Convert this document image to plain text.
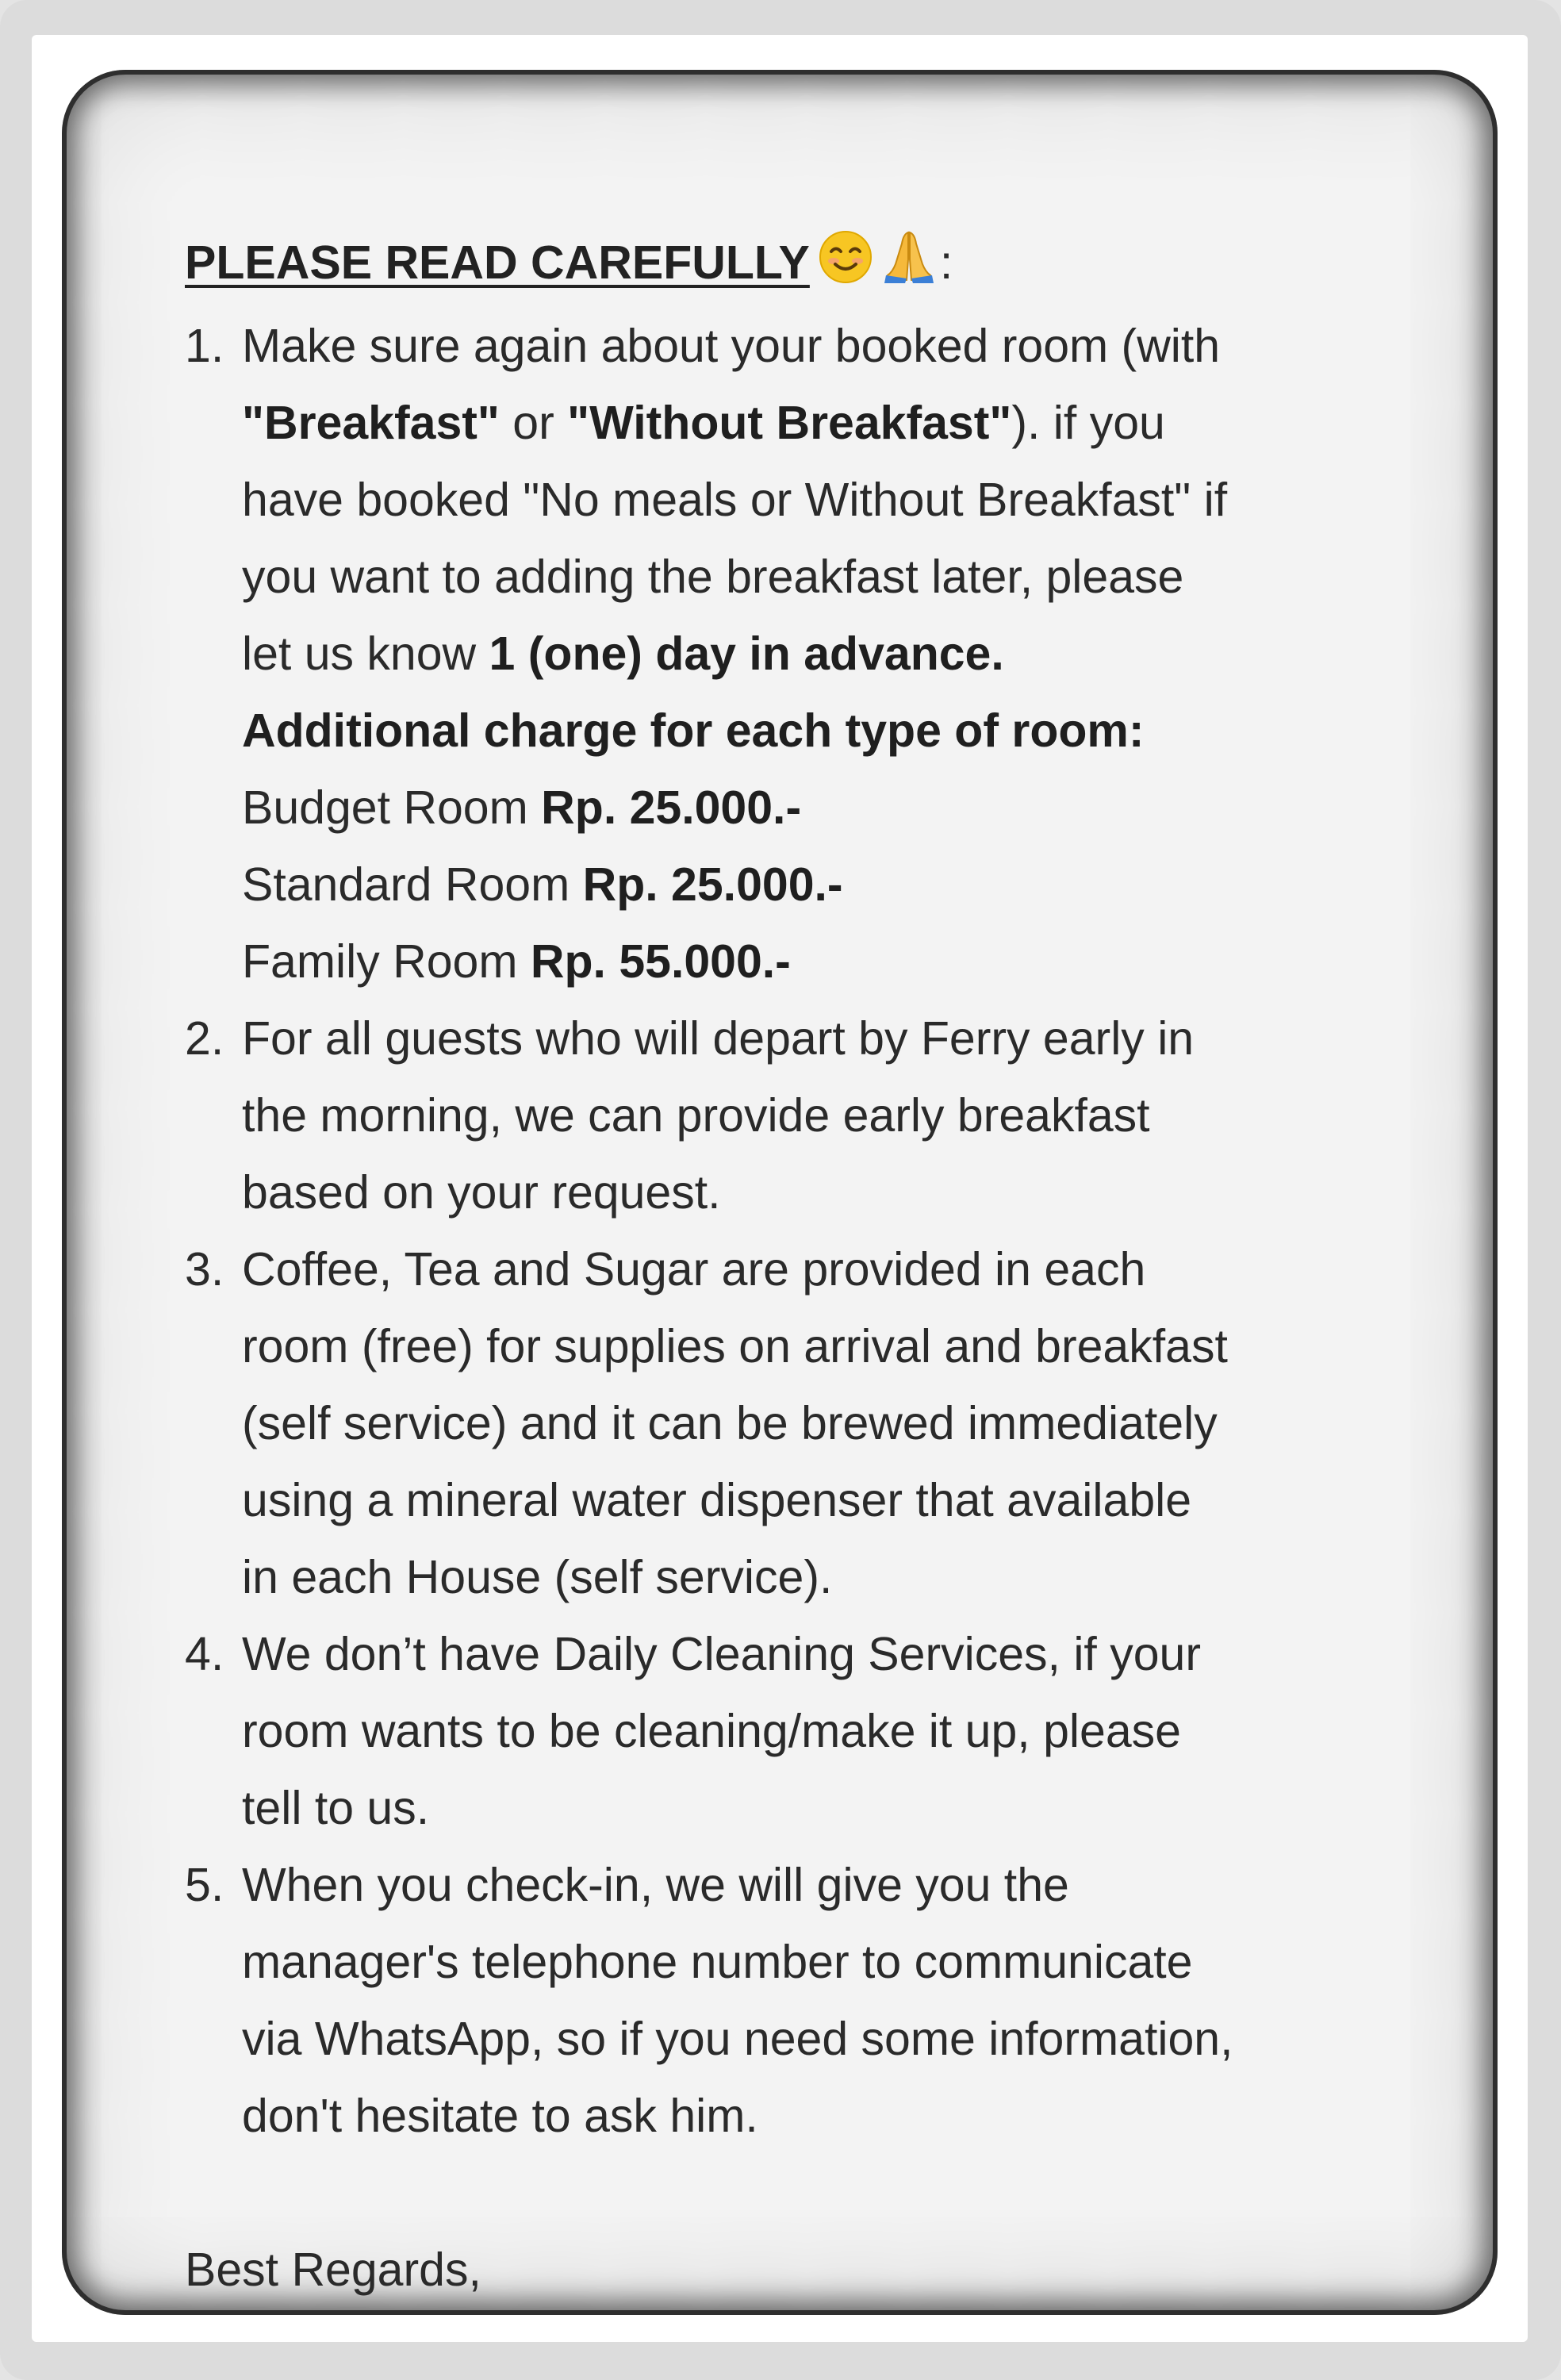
PLEASE READ CAREFULLY	:

1. Make sure again about your booked room (with
"Breakfast" or "Without Breakfast"). if you
have booked "No meals or Without Breakfast" if
you want to adding the breakfast later, please
let us know 1 (one) day in advance.
Additional charge for each type of room:
Budget Room Rp. 25.000.-
Standard Room Rp. 25.000.-
Family Room Rp. 55.000.-
2. For all guests who will depart by Ferry early in
the morning, we can provide early breakfast
based on your request.
3. Coffee, Tea and Sugar are provided in each
room (free) for supplies on arrival and breakfast
(self service) and it can be brewed immediately
using a mineral water dispenser that available
in each House (self service).
4. We don’t have Daily Cleaning Services, if your
room wants to be cleaning/make it up, please
tell to us.
5. When you check-in, we will give you the
manager's telephone number to communicate
via WhatsApp, so if you need some information,
don't hesitate to ask him.
Best Regards,
